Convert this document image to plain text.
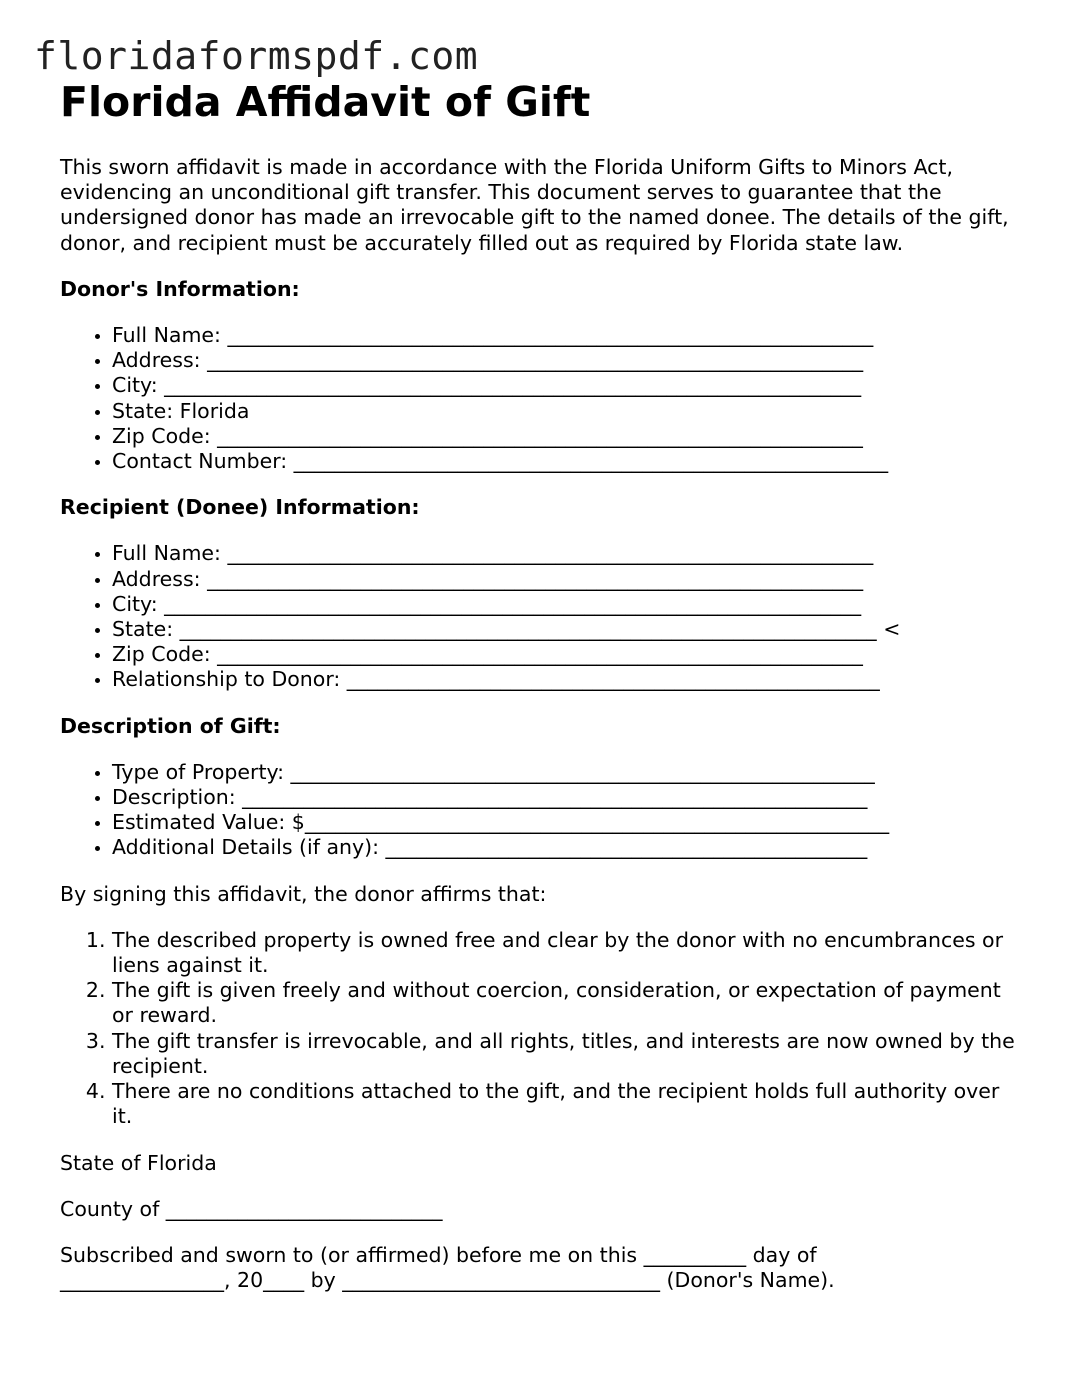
floridaformspdf.com
Florida Affidavit of Gift

This sworn affidavit is made in accordance with the Florida Uniform Gifts to Minors Act, evidencing an unconditional gift transfer. This document serves to guarantee that the undersigned donor has made an irrevocable gift to the named donee. The details of the gift, donor, and recipient must be accurately filled out as required by Florida state law.

Donor's Information:
• Full Name: _______________________________________________________________
• Address: ________________________________________________________________
• City: ____________________________________________________________________
• State: Florida
• Zip Code: _______________________________________________________________
• Contact Number: __________________________________________________________
Recipient (Donee) Information:
• Full Name: _______________________________________________________________
• Address: ________________________________________________________________
• City: ____________________________________________________________________
• State: ____________________________________________________________________ <
• Zip Code: _______________________________________________________________
• Relationship to Donor: ____________________________________________________
Description of Gift:
• Type of Property: _________________________________________________________
• Description: _____________________________________________________________
• Estimated Value: $_________________________________________________________
• Additional Details (if any): _______________________________________________

By signing this affidavit, the donor affirms that:

1. The described property is owned free and clear by the donor with no encumbrances or liens against it.
2. The gift is given freely and without coercion, consideration, or expectation of payment or reward.
3. The gift transfer is irrevocable, and all rights, titles, and interests are now owned by the recipient.
4. There are no conditions attached to the gift, and the recipient holds full authority over it.

State of Florida

County of ___________________________

Subscribed and sworn to (or affirmed) before me on this __________ day of
________________, 20____ by _______________________________ (Donor's Name).
